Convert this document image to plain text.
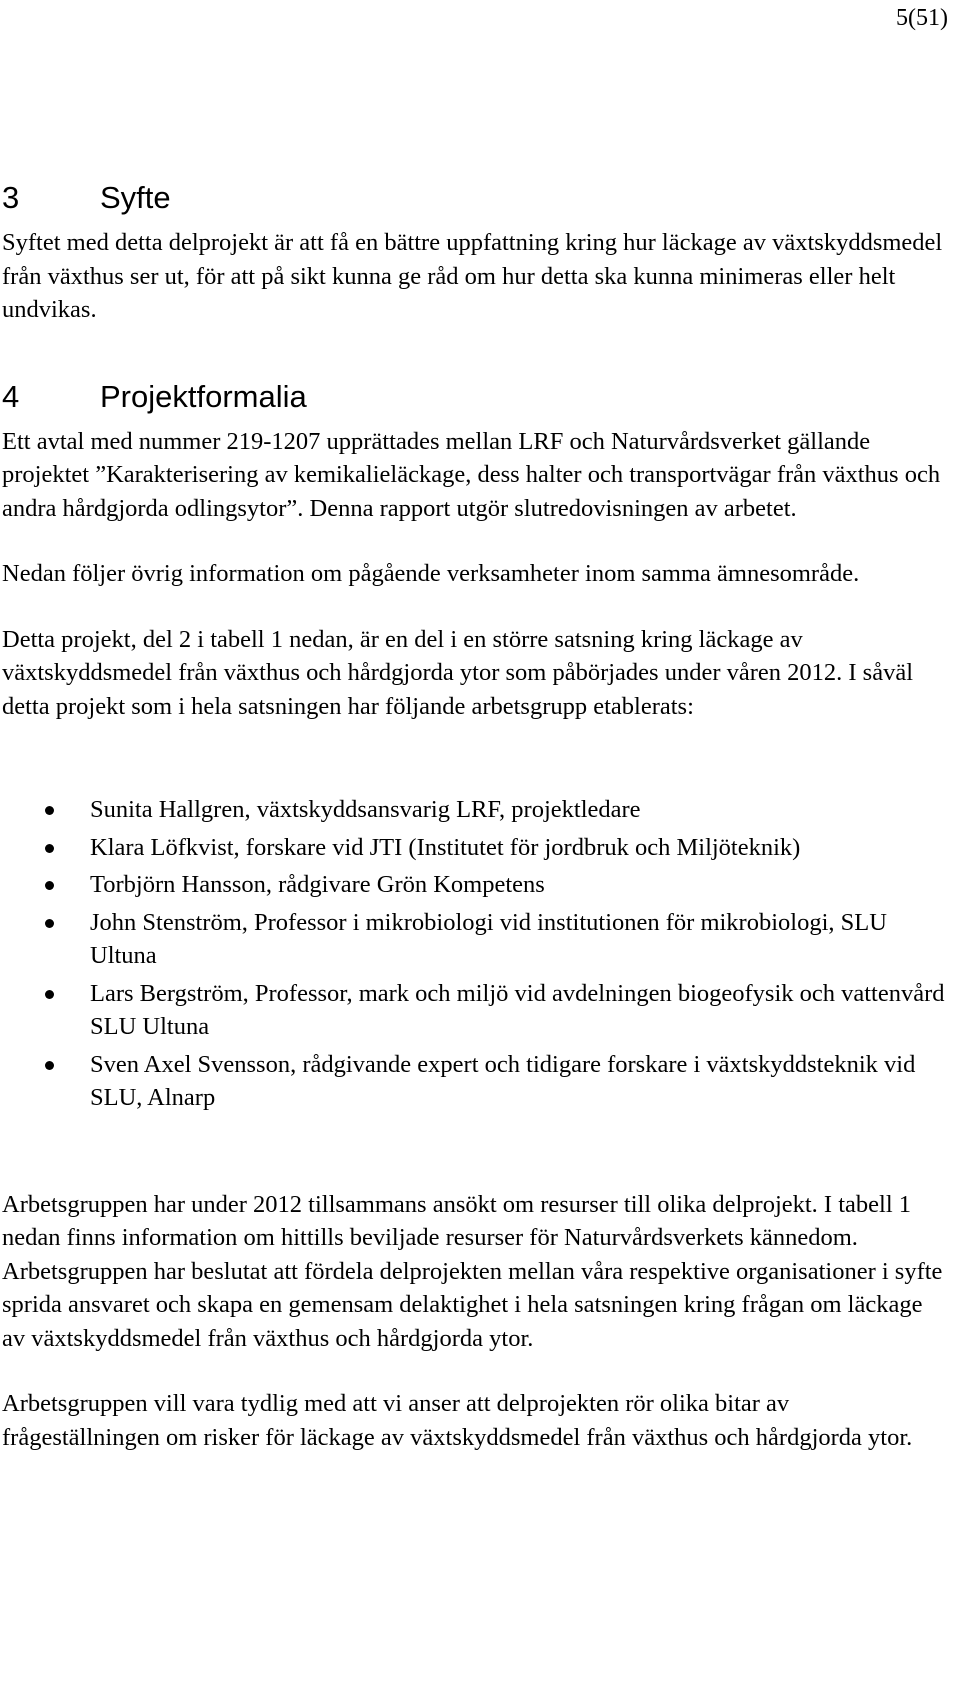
5(51)
3	Syfte

Syftet med detta delprojekt är att få en bättre uppfattning kring hur läckage av växtskyddsmedel från växthus ser ut, för att på sikt kunna ge råd om hur detta ska kunna minimeras eller helt undvikas.

4	Projektformalia

Ett avtal med nummer 219-1207 upprättades mellan LRF och Naturvårdsverket gällande projektet ”Karakterisering av kemikalieläckage, dess halter och transportvägar från växthus och andra hårdgjorda odlingsytor”. Denna rapport utgör slutredovisningen av arbetet.

Nedan följer övrig information om pågående verksamheter inom samma ämnesområde.

Detta projekt, del 2 i tabell 1 nedan, är en del i en större satsning kring läckage av växtskyddsmedel från växthus och hårdgjorda ytor som påbörjades under våren 2012. I såväl detta projekt som i hela satsningen har följande arbetsgrupp etablerats:

Sunita Hallgren, växtskyddsansvarig LRF, projektledare
Klara Löfkvist, forskare vid JTI (Institutet för jordbruk och Miljöteknik)
Torbjörn Hansson, rådgivare Grön Kompetens
John Stenström, Professor i mikrobiologi vid institutionen för mikrobiologi, SLU Ultuna
Lars Bergström, Professor, mark och miljö vid avdelningen biogeofysik och vattenvård SLU Ultuna
Sven Axel Svensson, rådgivande expert och tidigare forskare i växtskyddsteknik vid SLU, Alnarp

Arbetsgruppen har under 2012 tillsammans ansökt om resurser till olika delprojekt. I tabell 1 nedan finns information om hittills beviljade resurser för Naturvårdsverkets kännedom. Arbetsgruppen har beslutat att fördela delprojekten mellan våra respektive organisationer i syfte sprida ansvaret och skapa en gemensam delaktighet i hela satsningen kring frågan om läckage av växtskyddsmedel från växthus och hårdgjorda ytor.

Arbetsgruppen vill vara tydlig med att vi anser att delprojekten rör olika bitar av frågeställningen om risker för läckage av växtskyddsmedel från växthus och hårdgjorda ytor.
